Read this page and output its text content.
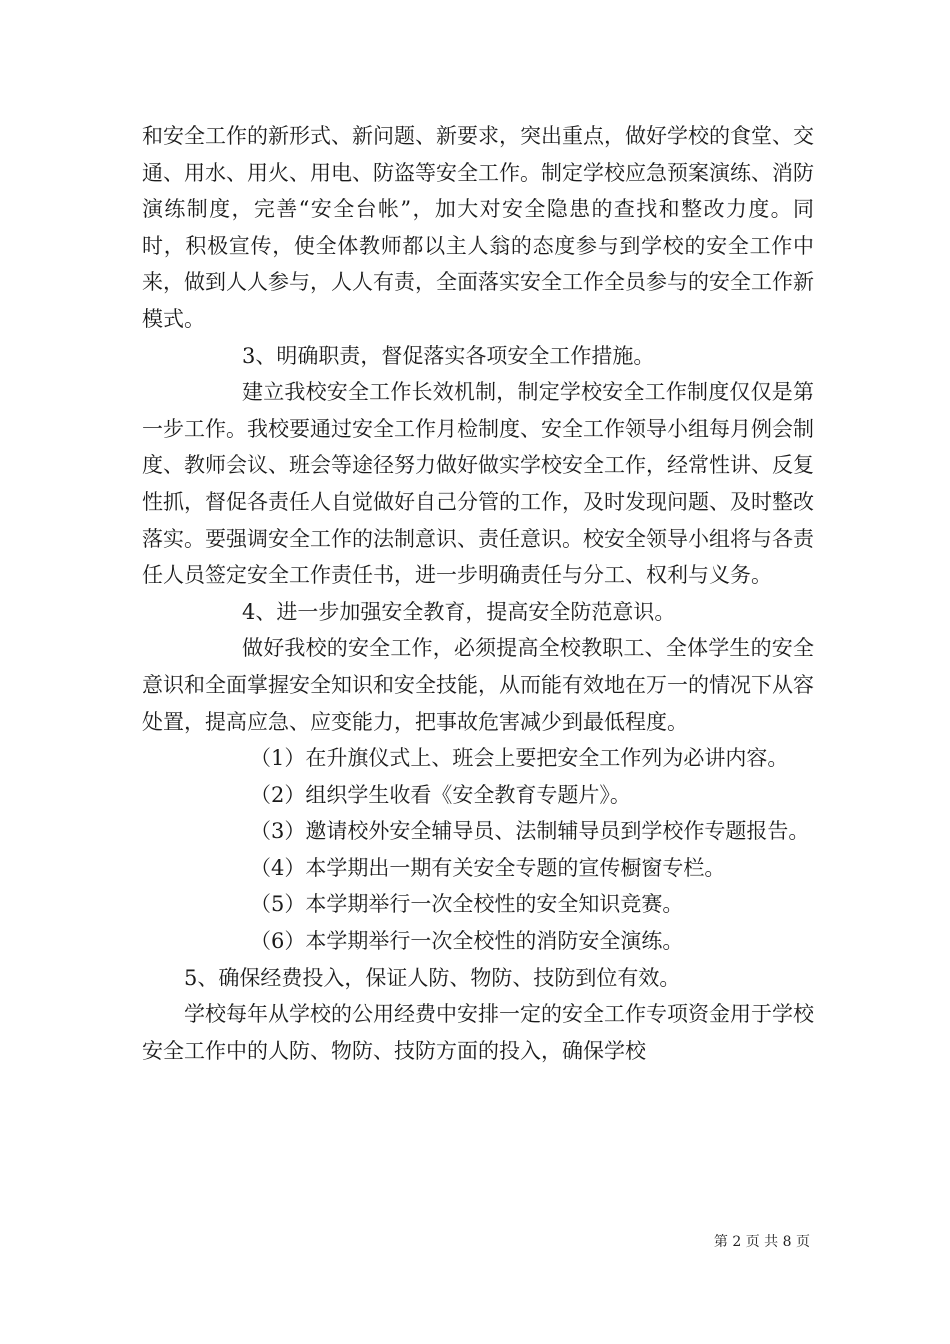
和安全工作的新形式、新问题、新要求，突出重点，做好学校的食堂、交通、用水、用火、用电、防盗等安全工作。制定学校应急预案演练、消防演练制度，完善“安全台帐”，加大对安全隐患的查找和整改力度。同时，积极宣传，使全体教师都以主人翁的态度参与到学校的安全工作中来，做到人人参与，人人有责，全面落实安全工作全员参与的安全工作新模式。

3、明确职责，督促落实各项安全工作措施。

建立我校安全工作长效机制，制定学校安全工作制度仅仅是第一步工作。我校要通过安全工作月检制度、安全工作领导小组每月例会制度、教师会议、班会等途径努力做好做实学校安全工作，经常性讲、反复性抓，督促各责任人自觉做好自己分管的工作，及时发现问题、及时整改落实。要强调安全工作的法制意识、责任意识。校安全领导小组将与各责任人员签定安全工作责任书，进一步明确责任与分工、权利与义务。

4、进一步加强安全教育，提高安全防范意识。

做好我校的安全工作，必须提高全校教职工、全体学生的安全意识和全面掌握安全知识和安全技能，从而能有效地在万一的情况下从容处置，提高应急、应变能力，把事故危害减少到最低程度。

（1）在升旗仪式上、班会上要把安全工作列为必讲内容。

（2）组织学生收看《安全教育专题片》。

（3）邀请校外安全辅导员、法制辅导员到学校作专题报告。

（4）本学期出一期有关安全专题的宣传橱窗专栏。

（5）本学期举行一次全校性的安全知识竞赛。

（6）本学期举行一次全校性的消防安全演练。

5、确保经费投入，保证人防、物防、技防到位有效。

学校每年从学校的公用经费中安排一定的安全工作专项资金用于学校安全工作中的人防、物防、技防方面的投入，确保学校

第 2 页 共 8 页
